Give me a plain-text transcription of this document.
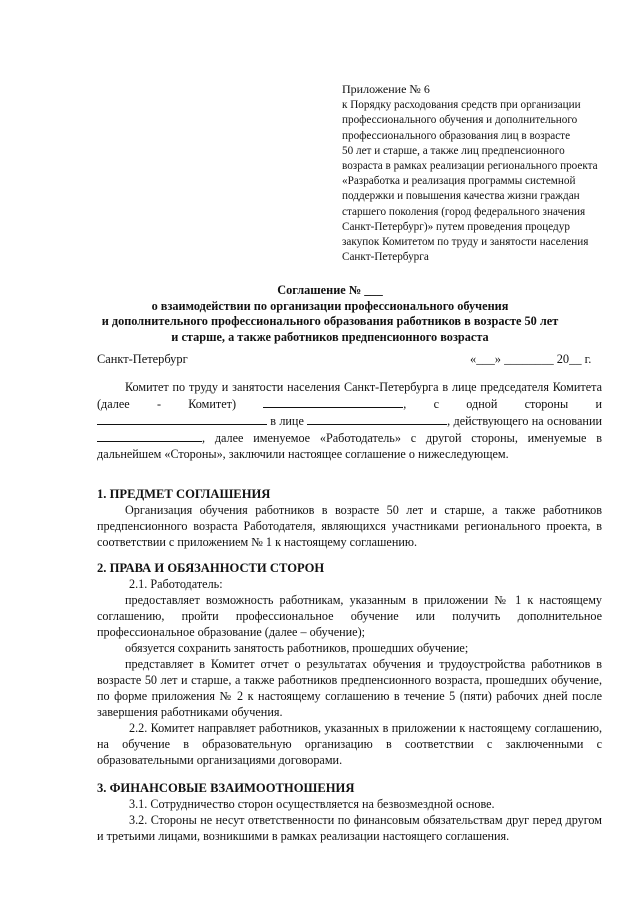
Приложение № 6
к Порядку расходования средств при организации
профессионального обучения и дополнительного
профессионального образования лиц в возрасте
50 лет и старше, а также лиц предпенсионного
возраста в рамках реализации регионального проекта
«Разработка и реализация программы системной
поддержки и повышения качества жизни граждан
старшего поколения (город федерального значения
Санкт-Петербург)» путем проведения процедур
закупок Комитетом по труду и занятости населения
Санкт-Петербурга
Соглашение № ___
о взаимодействии по организации профессионального обучения
и дополнительного профессионального образования работников в возрасте 50 лет
и старше, а также работников предпенсионного возраста
Санкт-Петербург	«___» ________ 20__ г.
Комитет по труду и занятости населения Санкт-Петербурга в лице председателя Комитета (далее - Комитет)	, с одной стороны и  в лице	, действующего на основании , далее именуемое «Работодатель» с другой стороны, именуемые в дальнейшем «Стороны», заключили настоящее соглашение о нижеследующем.
1. ПРЕДМЕТ СОГЛАШЕНИЯ
Организация обучения работников в возрасте 50 лет и старше, а также работников предпенсионного возраста Работодателя, являющихся участниками регионального проекта, в соответствии с приложением № 1 к настоящему соглашению.
2. ПРАВА И ОБЯЗАННОСТИ СТОРОН
2.1. Работодатель:
предоставляет возможность работникам, указанным в приложении № 1 к настоящему соглашению, пройти профессиональное обучение или получить дополнительное профессиональное образование (далее – обучение);
обязуется сохранить занятость работников, прошедших обучение;
представляет в Комитет отчет о результатах обучения и трудоустройства работников в возрасте 50 лет и старше, а также работников предпенсионного возраста, прошедших обучение, по форме приложения № 2 к настоящему соглашению в течение 5 (пяти) рабочих дней после завершения работниками обучения.
2.2. Комитет направляет работников, указанных в приложении к настоящему соглашению, на обучение в образовательную организацию в соответствии с заключенными с образовательными организациями договорами.
3. ФИНАНСОВЫЕ ВЗАИМООТНОШЕНИЯ
3.1. Сотрудничество сторон осуществляется на безвозмездной основе.
3.2. Стороны не несут ответственности по финансовым обязательствам друг перед другом и третьими лицами, возникшими в рамках реализации настоящего соглашения.
